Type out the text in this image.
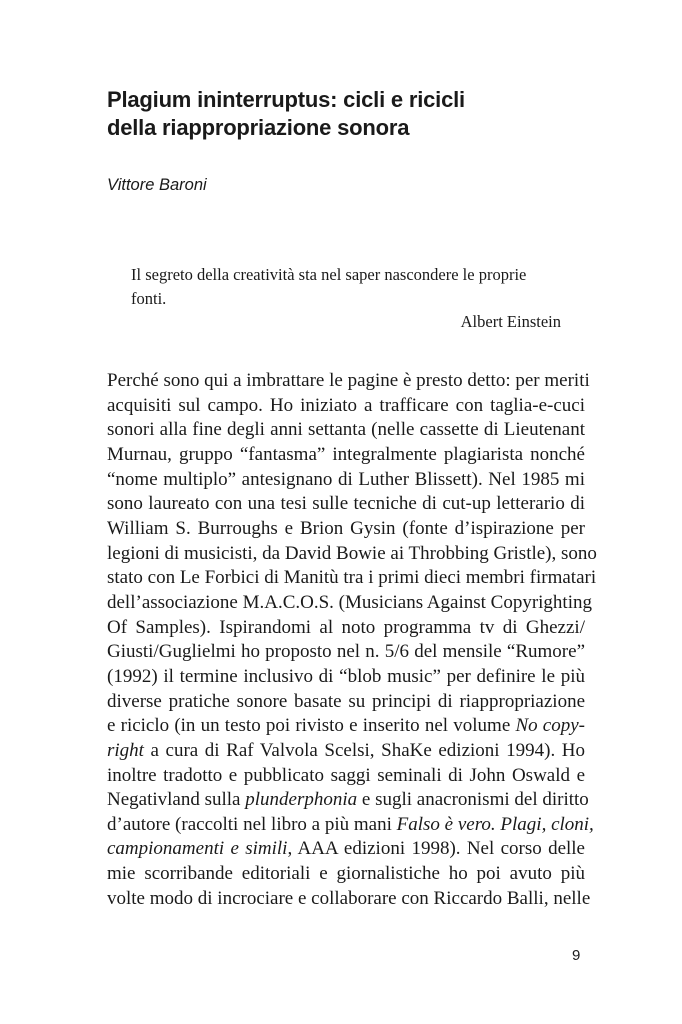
Plagium ininterruptus: cicli e ricicli
della riappropriazione sonora
Vittore Baroni
Il segreto della creatività sta nel saper nascondere le proprie
fonti.
Albert Einstein
Perché sono qui a imbrattare le pagine è presto detto: per meriti
acquisiti sul campo. Ho iniziato a trafficare con taglia-e-cuci
sonori alla fine degli anni settanta (nelle cassette di Lieutenant
Murnau, gruppo “fantasma” integralmente plagiarista nonché
“nome multiplo” antesignano di Luther Blissett). Nel 1985 mi
sono laureato con una tesi sulle tecniche di cut-up letterario di
William S. Burroughs e Brion Gysin (fonte d’ispirazione per
legioni di musicisti, da David Bowie ai Throbbing Gristle), sono
stato con Le Forbici di Manitù tra i primi dieci membri firmatari
dell’associazione M.A.C.O.S. (Musicians Against Copyrighting
Of Samples). Ispirandomi al noto programma tv di Ghezzi/
Giusti/Guglielmi ho proposto nel n. 5/6 del mensile “Rumore”
(1992) il termine inclusivo di “blob music” per definire le più
diverse pratiche sonore basate su principi di riappropriazione
e riciclo (in un testo poi rivisto e inserito nel volume No copy-
right a cura di Raf Valvola Scelsi, ShaKe edizioni 1994). Ho
inoltre tradotto e pubblicato saggi seminali di John Oswald e
Negativland sulla plunderphonia e sugli anacronismi del diritto
d’autore (raccolti nel libro a più mani Falso è vero. Plagi, cloni,
campionamenti e simili, AAA edizioni 1998). Nel corso delle
mie scorribande editoriali e giornalistiche ho poi avuto più
volte modo di incrociare e collaborare con Riccardo Balli, nelle
9
